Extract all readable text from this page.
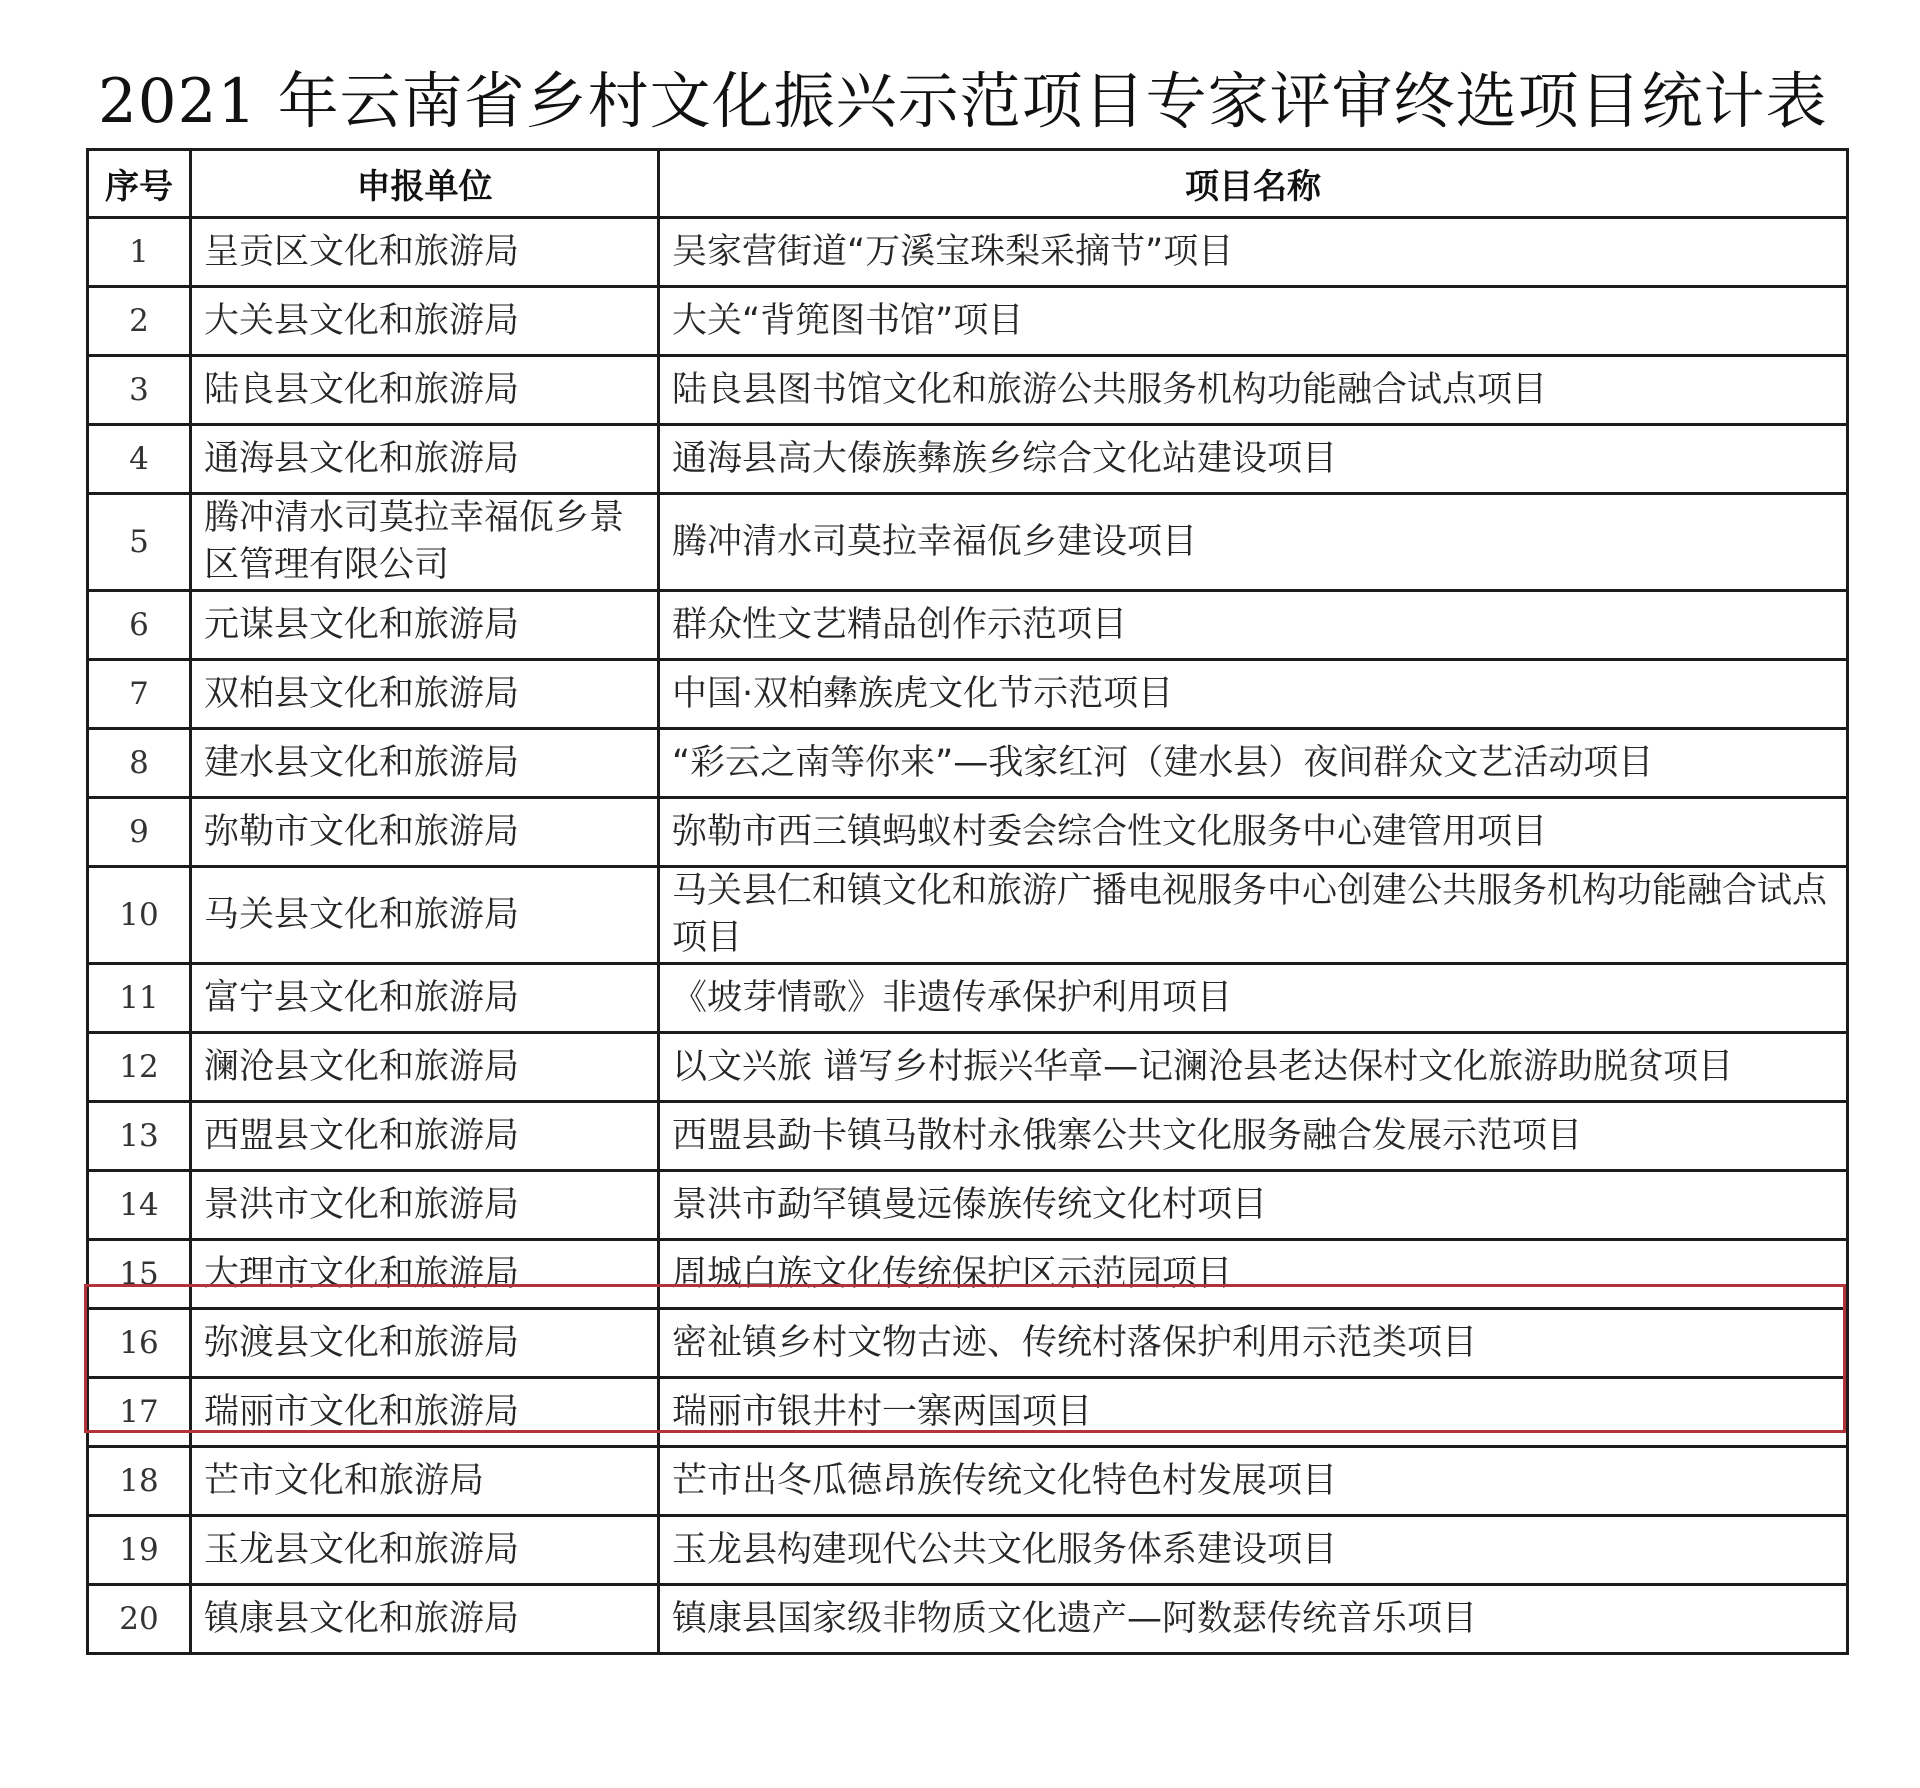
2021 年云南省乡村文化振兴示范项目专家评审终选项目统计表
序号	申报单位	项目名称
1	呈贡区文化和旅游局	吴家营街道“万溪宝珠梨采摘节”项目
2	大关县文化和旅游局	大关“背篼图书馆”项目
3	陆良县文化和旅游局	陆良县图书馆文化和旅游公共服务机构功能融合试点项目
4	通海县文化和旅游局	通海县高大傣族彝族乡综合文化站建设项目
5	腾冲清水司莫拉幸福佤乡景区管理有限公司	腾冲清水司莫拉幸福佤乡建设项目
6	元谋县文化和旅游局	群众性文艺精品创作示范项目
7	双柏县文化和旅游局	中国·双柏彝族虎文化节示范项目
8	建水县文化和旅游局	“彩云之南等你来”—我家红河（建水县）夜间群众文艺活动项目
9	弥勒市文化和旅游局	弥勒市西三镇蚂蚁村委会综合性文化服务中心建管用项目
10	马关县文化和旅游局	马关县仁和镇文化和旅游广播电视服务中心创建公共服务机构功能融合试点项目
11	富宁县文化和旅游局	《坡芽情歌》非遗传承保护利用项目
12	澜沧县文化和旅游局	以文兴旅 谱写乡村振兴华章—记澜沧县老达保村文化旅游助脱贫项目
13	西盟县文化和旅游局	西盟县勐卡镇马散村永俄寨公共文化服务融合发展示范项目
14	景洪市文化和旅游局	景洪市勐罕镇曼远傣族传统文化村项目
15	大理市文化和旅游局	周城白族文化传统保护区示范园项目
16	弥渡县文化和旅游局	密祉镇乡村文物古迹、传统村落保护利用示范类项目
17	瑞丽市文化和旅游局	瑞丽市银井村一寨两国项目
18	芒市文化和旅游局	芒市出冬瓜德昂族传统文化特色村发展项目
19	玉龙县文化和旅游局	玉龙县构建现代公共文化服务体系建设项目
20	镇康县文化和旅游局	镇康县国家级非物质文化遗产—阿数瑟传统音乐项目
